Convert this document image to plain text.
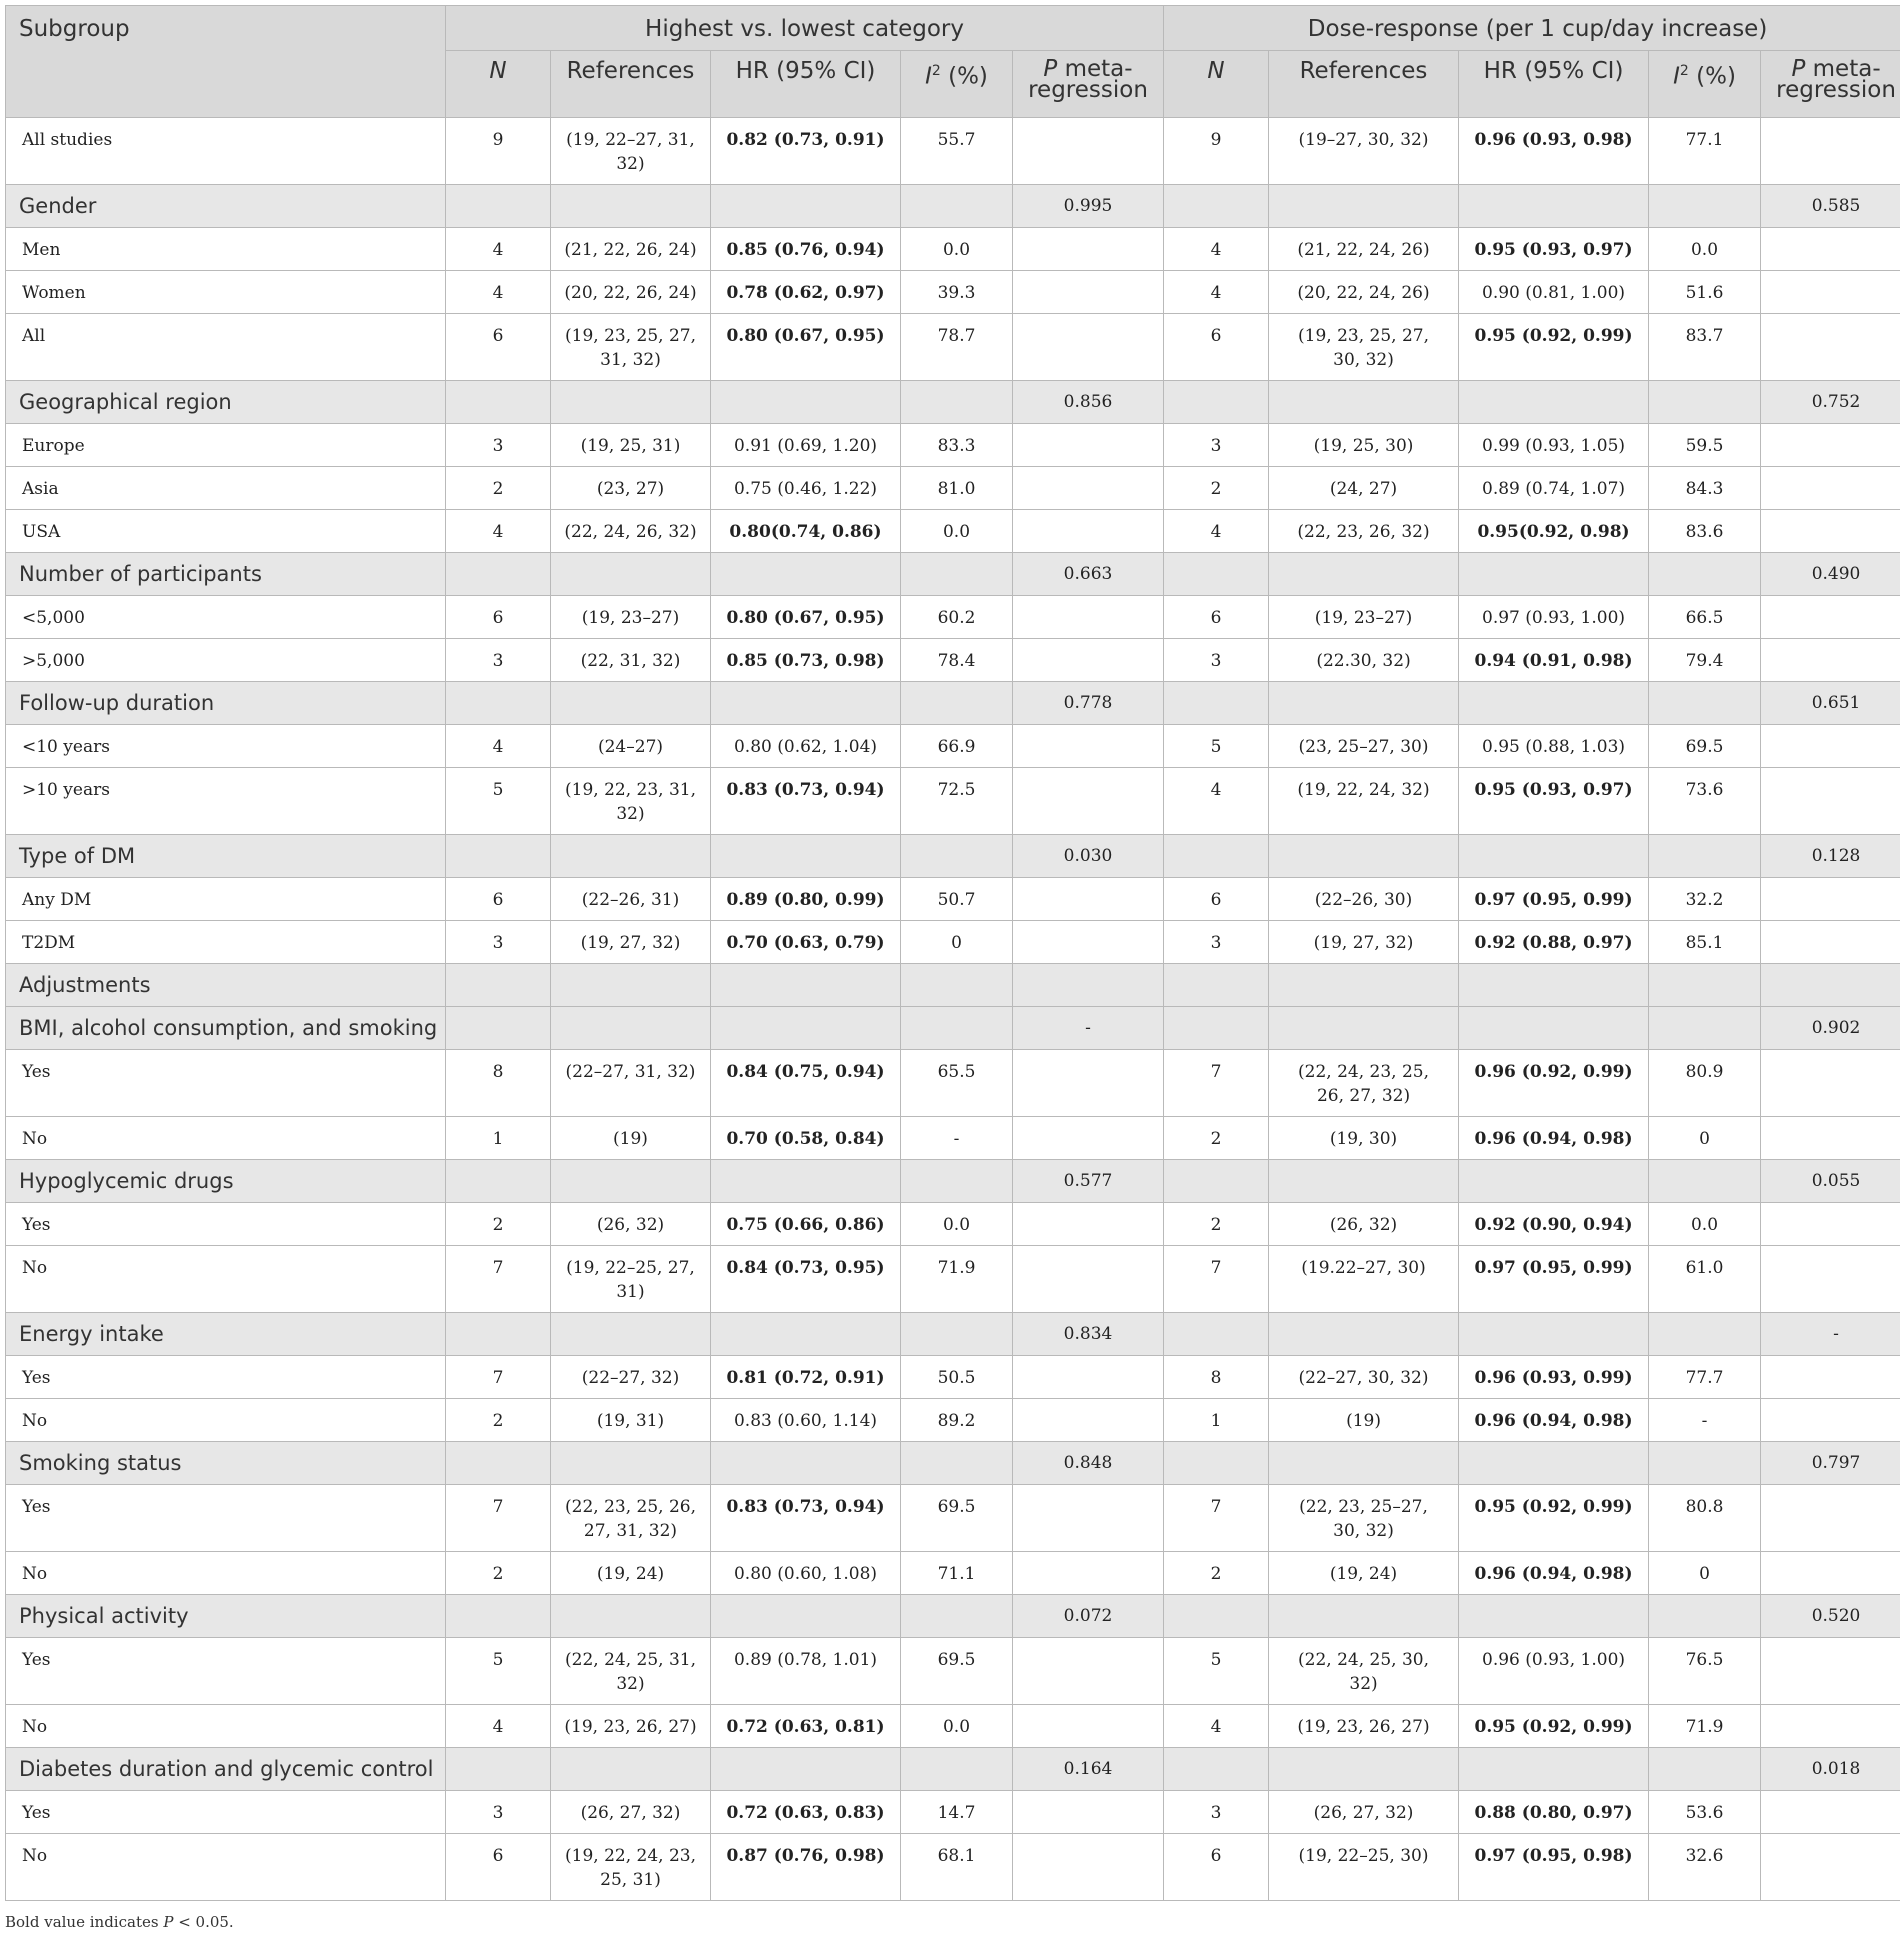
Subgroup	Highest vs. lowest category					Dose-response (per 1 cup/day increase)				
	N	References	HR (95% CI)	$I^2$ (%)	P meta-regression	N	References	HR (95% CI)	$I^2$ (%)	P meta-regression
All studies	9	(19, 22–27, 31, 32)	0.82 (0.73, 0.91)	55.7		9	(19–27, 30, 32)	0.96 (0.93, 0.98)	77.1	
Gender					0.995					0.585
Men	4	(21, 22, 26, 24)	0.85 (0.76, 0.94)	0.0		4	(21, 22, 24, 26)	0.95 (0.93, 0.97)	0.0	
Women	4	(20, 22, 26, 24)	0.78 (0.62, 0.97)	39.3		4	(20, 22, 24, 26)	0.90 (0.81, 1.00)	51.6	
All	6	(19, 23, 25, 27, 31, 32)	0.80 (0.67, 0.95)	78.7		6	(19, 23, 25, 27, 30, 32)	0.95 (0.92, 0.99)	83.7	
Geographical region					0.856					0.752
Europe	3	(19, 25, 31)	0.91 (0.69, 1.20)	83.3		3	(19, 25, 30)	0.99 (0.93, 1.05)	59.5	
Asia	2	(23, 27)	0.75 (0.46, 1.22)	81.0		2	(24, 27)	0.89 (0.74, 1.07)	84.3	
USA	4	(22, 24, 26, 32)	0.80(0.74, 0.86)	0.0		4	(22, 23, 26, 32)	0.95(0.92, 0.98)	83.6	
Number of participants					0.663					0.490
<5,000	6	(19, 23–27)	0.80 (0.67, 0.95)	60.2		6	(19, 23–27)	0.97 (0.93, 1.00)	66.5	
>5,000	3	(22, 31, 32)	0.85 (0.73, 0.98)	78.4		3	(22.30, 32)	0.94 (0.91, 0.98)	79.4	
Follow-up duration					0.778					0.651
<10 years	4	(24–27)	0.80 (0.62, 1.04)	66.9		5	(23, 25–27, 30)	0.95 (0.88, 1.03)	69.5	
>10 years	5	(19, 22, 23, 31, 32)	0.83 (0.73, 0.94)	72.5		4	(19, 22, 24, 32)	0.95 (0.93, 0.97)	73.6	
Type of DM					0.030					0.128
Any DM	6	(22–26, 31)	0.89 (0.80, 0.99)	50.7		6	(22–26, 30)	0.97 (0.95, 0.99)	32.2	
T2DM	3	(19, 27, 32)	0.70 (0.63, 0.79)	0		3	(19, 27, 32)	0.92 (0.88, 0.97)	85.1	
Adjustments										
BMI, alcohol consumption, and smoking					-					0.902
Yes	8	(22–27, 31, 32)	0.84 (0.75, 0.94)	65.5		7	(22, 24, 23, 25, 26, 27, 32)	0.96 (0.92, 0.99)	80.9	
No	1	(19)	0.70 (0.58, 0.84)	-		2	(19, 30)	0.96 (0.94, 0.98)	0	
Hypoglycemic drugs					0.577					0.055
Yes	2	(26, 32)	0.75 (0.66, 0.86)	0.0		2	(26, 32)	0.92 (0.90, 0.94)	0.0	
No	7	(19, 22–25, 27, 31)	0.84 (0.73, 0.95)	71.9		7	(19.22–27, 30)	0.97 (0.95, 0.99)	61.0	
Energy intake					0.834					-
Yes	7	(22–27, 32)	0.81 (0.72, 0.91)	50.5		8	(22–27, 30, 32)	0.96 (0.93, 0.99)	77.7	
No	2	(19, 31)	0.83 (0.60, 1.14)	89.2		1	(19)	0.96 (0.94, 0.98)	-	
Smoking status					0.848					0.797
Yes	7	(22, 23, 25, 26, 27, 31, 32)	0.83 (0.73, 0.94)	69.5		7	(22, 23, 25–27, 30, 32)	0.95 (0.92, 0.99)	80.8	
No	2	(19, 24)	0.80 (0.60, 1.08)	71.1		2	(19, 24)	0.96 (0.94, 0.98)	0	
Physical activity					0.072					0.520
Yes	5	(22, 24, 25, 31, 32)	0.89 (0.78, 1.01)	69.5		5	(22, 24, 25, 30, 32)	0.96 (0.93, 1.00)	76.5	
No	4	(19, 23, 26, 27)	0.72 (0.63, 0.81)	0.0		4	(19, 23, 26, 27)	0.95 (0.92, 0.99)	71.9	
Diabetes duration and glycemic control					0.164					0.018
Yes	3	(26, 27, 32)	0.72 (0.63, 0.83)	14.7		3	(26, 27, 32)	0.88 (0.80, 0.97)	53.6	
No	6	(19, 22, 24, 23, 25, 31)	0.87 (0.76, 0.98)	68.1		6	(19, 22–25, 30)	0.97 (0.95, 0.98)	32.6	
Bold value indicates P < 0.05.
